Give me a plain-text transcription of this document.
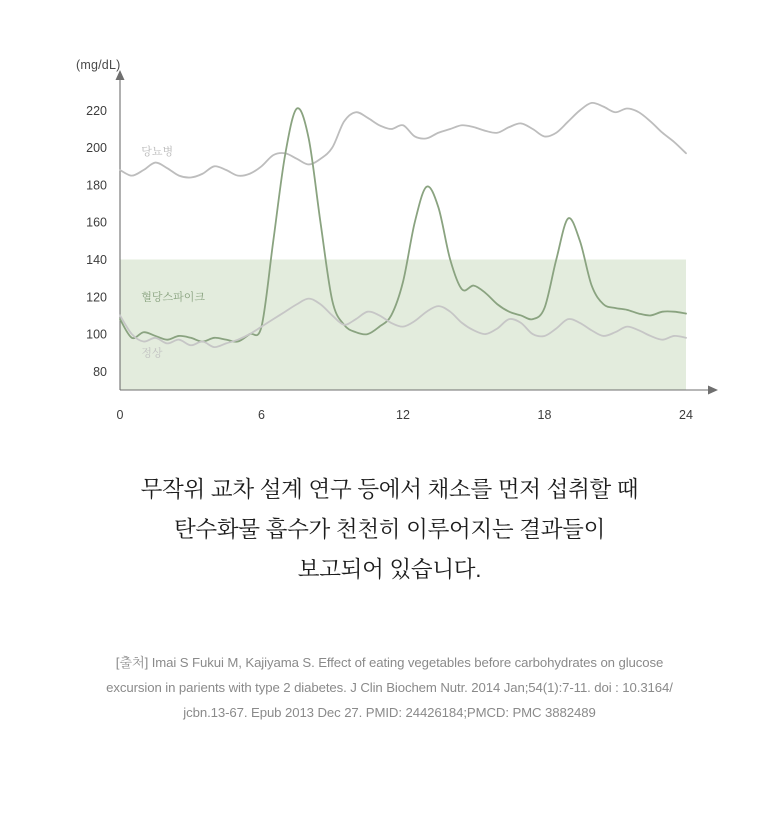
(mg/dL)
80
100
120
140
160
180
200
220
0	6	12	18	24
당뇨병
혈당스파이크
정상
무작위 교차 설계 연구 등에서 채소를 먼저 섭취할 때
탄수화물 흡수가 천천히 이루어지는 결과들이
보고되어 있습니다.
[출처] Imai S Fukui M, Kajiyama S. Effect of eating vegetables before carbohydrates on glucose
excursion in parients with type 2 diabetes. J Clin Biochem Nutr. 2014 Jan;54(1):7-11. doi : 10.3164/
jcbn.13-67. Epub 2013 Dec 27. PMID: 24426184;PMCD: PMC 3882489
